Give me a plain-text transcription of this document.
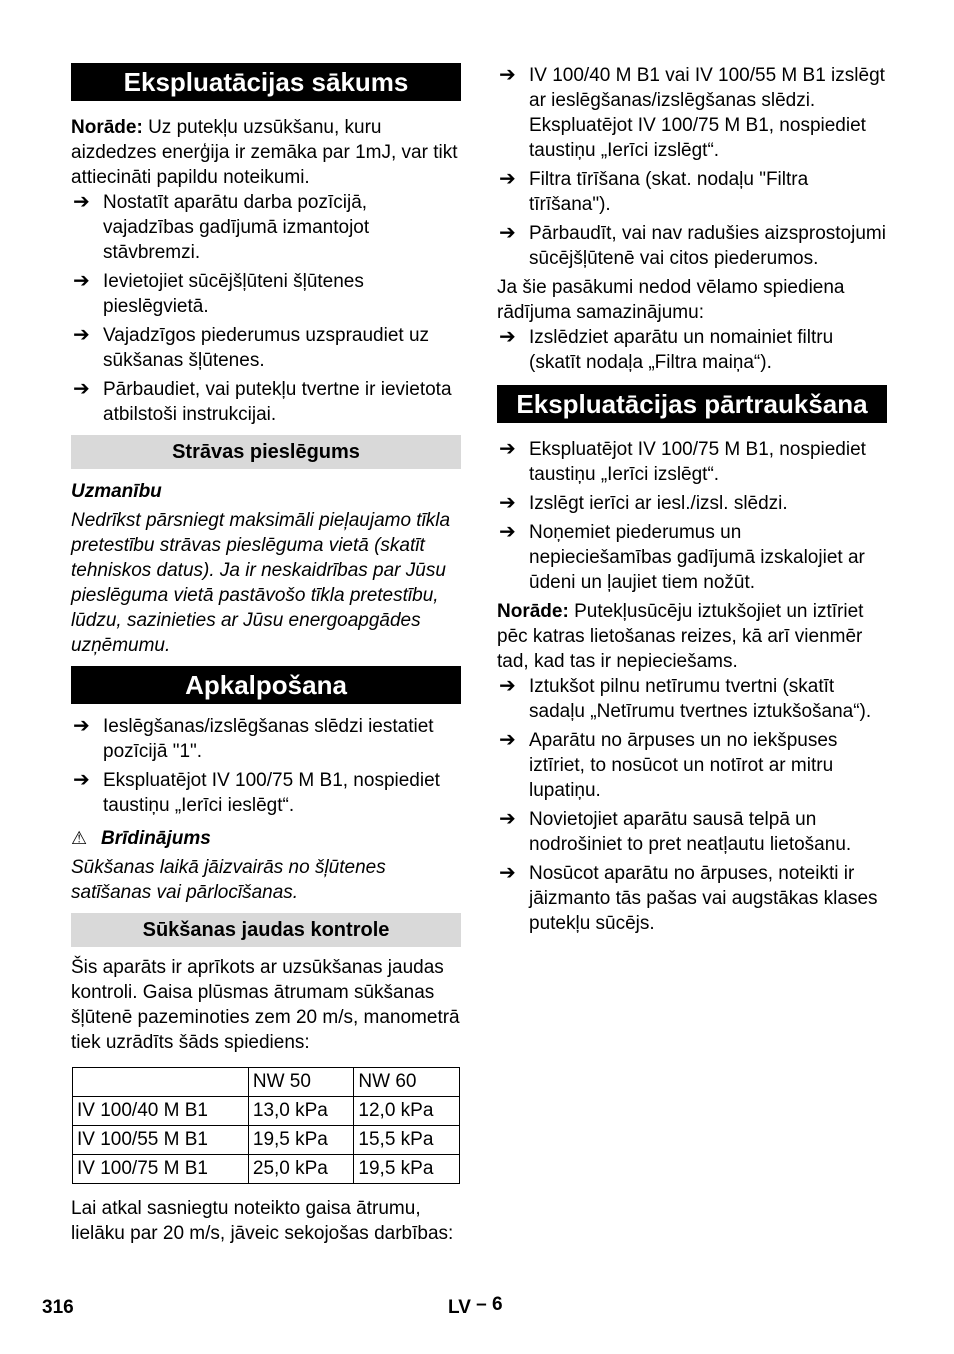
Ekspluatācijas sākums

Norāde: Uz putekļu uzsūkšanu, kuru aizdedzes enerģija ir zemāka par 1mJ, var tikt attiecināti papildu noteikumi.

➔ Nostatīt aparātu darba pozīcijā, vajadzības gadījumā izmantojot stāvbremzi.
➔ Ievietojiet sūcējšļūteni šļūtenes pieslēgvietā.
➔ Vajadzīgos piederumus uzspraudiet uz sūkšanas šļūtenes.
➔ Pārbaudiet, vai putekļu tvertne ir ievietota atbilstoši instrukcijai.
Strāvas pieslēgums

Uzmanību

Nedrīkst pārsniegt maksimāli pieļaujamo tīkla pretestību strāvas pieslēguma vietā (skatīt tehniskos datus). Ja ir neskaidrības par Jūsu pieslēguma vietā pastāvošo tīkla pretestību, lūdzu, sazinieties ar Jūsu energoapgādes uzņēmumu.

Apkalpošana
➔ Ieslēgšanas/izslēgšanas slēdzi iestatiet pozīcijā "1".
➔ Ekspluatējot IV 100/75 M B1, nospiediet taustiņu „Ierīci ieslēgt“.

⚠ Brīdinājums

Sūkšanas laikā jāizvairās no šļūtenes satīšanas vai pārlocīšanas.

Sūkšanas jaudas kontrole

Šis aparāts ir aprīkots ar uzsūkšanas jaudas kontroli. Gaisa plūsmas ātrumam sūkšanas šļūtenē pazeminoties zem 20 m/s, manometrā tiek uzrādīts šāds spiediens:

	NW 50	NW 60
IV 100/40 M B1	13,0 kPa	12,0 kPa
IV 100/55 M B1	19,5 kPa	15,5 kPa
IV 100/75 M B1	25,0 kPa	19,5 kPa

Lai atkal sasniegtu noteikto gaisa ātrumu, lielāku par 20 m/s, jāveic sekojošas darbības:

➔ IV 100/40 M B1 vai IV 100/55 M B1 izslēgt ar ieslēgšanas/izslēgšanas slēdzi.

Ekspluatējot IV 100/75 M B1, nospiediet taustiņu „Ierīci izslēgt“.

➔ Filtra tīrīšana (skat. nodaļu "Filtra tīrīšana").
➔ Pārbaudīt, vai nav radušies aizsprostojumi sūcējšļūtenē vai citos piederumos.

Ja šie pasākumi nedod vēlamo spiediena rādījuma samazinājumu:

➔ Izslēdziet aparātu un nomainiet filtru (skatīt nodaļa „Filtra maiņa“).
Ekspluatācijas pārtraukšana
➔ Ekspluatējot IV 100/75 M B1, nospiediet taustiņu „Ierīci izslēgt“.
➔ Izslēgt ierīci ar iesl./izsl. slēdzi.
➔ Noņemiet piederumus un nepieciešamības gadījumā izskalojiet ar ūdeni un ļaujiet tiem nožūt.

Norāde: Putekļusūcēju iztukšojiet un iztīriet pēc katras lietošanas reizes, kā arī vienmēr tad, kad tas ir nepieciešams.

➔ Iztukšot pilnu netīrumu tvertni (skatīt sadaļu „Netīrumu tvertnes iztukšošana“).
➔ Aparātu no ārpuses un no iekšpuses iztīriet, to nosūcot un notīrot ar mitru lupatiņu.
➔ Novietojiet aparātu sausā telpā un nodrošiniet to pret neatļautu lietošanu.
➔ Nosūcot aparātu no ārpuses, noteikti ir jāizmanto tās pašas vai augstākas klases putekļu sūcējs.
316	LV – 6
